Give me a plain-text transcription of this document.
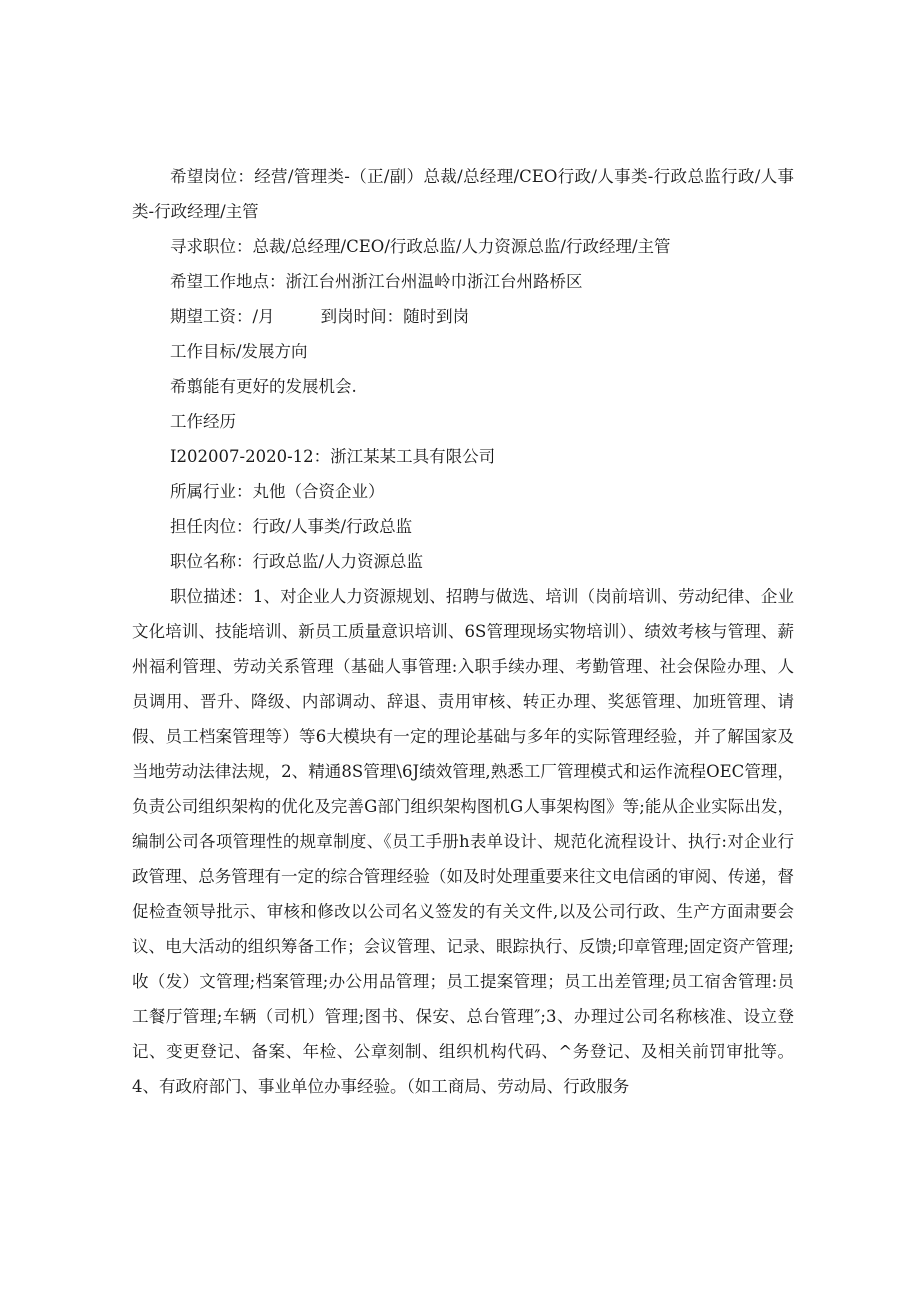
希望岗位：经营/管理类-（正/副）总裁/总经理/CEO行政/人事类-行政总监行政/人事类-行政经理/主管
寻求职位：总裁/总经理/CEO/行政总监/人力资源总监/行政经理/主管
希望工作地点：浙江台州浙江台州温岭巾浙江台州路桥区
期望工资：/月	到岗时间：随时到岗
工作目标/发展方向
希翦能有更好的发展机会.
工作经历
I202007-2020-12：浙江某某工具有限公司
所属行业：丸他（合资企业）
担任肉位：行政/人事类/行政总监
职位名称：行政总监/人力资源总监
职位描述：1、对企业人力资源规划、招聘与做选、培训（岗前培训、劳动纪律、企业文化培训、技能培训、新员工质量意识培训、6S管理现场实物培训）、绩效考核与管理、薪州福利管理、劳动关系管理（基础人事管理:入职手续办理、考勤管理、社会保险办理、人员调用、晋升、降级、内部调动、辞退、责用审核、转正办理、奖惩管理、加班管理、请假、员工档案管理等）等6大模块有一定的理论基础与多年的实际管理经验，并了解国家及当地劳动法律法规，2、精通8S管理\6J绩效管理,熟悉工厂管理模式和运作流程OEC管理，负责公司组织架构的优化及完善G部门组织架构图机G人事架构图》等;能从企业实际出发，编制公司各项管理性的规章制度、《员工手册h表单设计、规范化流程设计、执行:对企业行政管理、总务管理有一定的综合管理经验（如及时处理重要来往文电信函的审阅、传递，督促检查领导批示、审核和修改以公司名义签发的有关文件,以及公司行政、生产方面肃要会议、电大活动的组织筹备工作；会议管理、记录、眼踪执行、反馈;印章管理;固定资产管理;收（发）文管理;档案管理;办公用品管理；员工提案管理；员工出差管理;员工宿舍管理:员工餐厅管理;车辆（司机）管理;图书、保安、总台管理″;3、办理过公司名称核准、设立登记、变更登记、备案、年检、公章刻制、组织机构代码、^务登记、及相关前罚审批等。4、有政府部门、事业单位办事经验。（如工商局、劳动局、行政服务
